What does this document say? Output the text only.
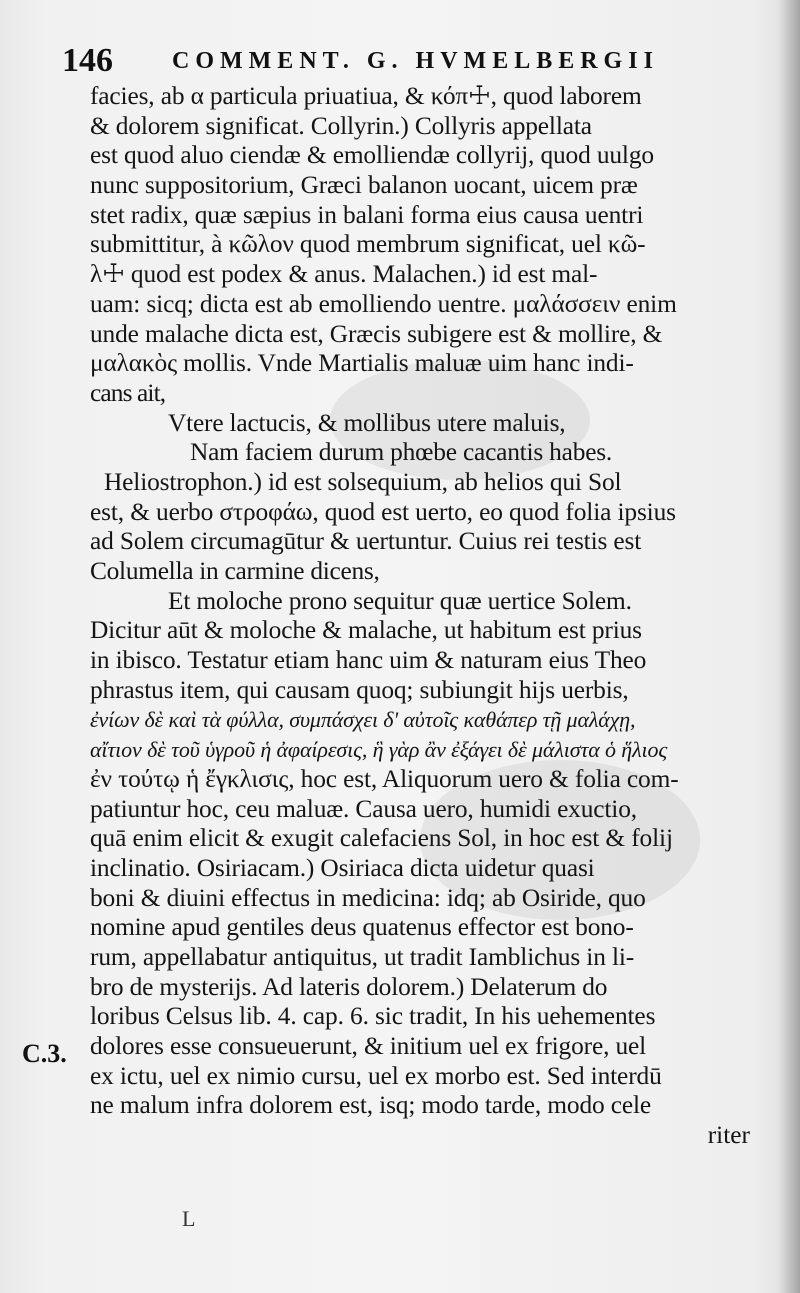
146 COMMENT. G. HVMELBERGII
facies, ab α particula priuatiua, & κόπ☩, quod laborem
& dolorem significat. Collyrin.) Collyris appellata
est quod aluo ciendæ & emolliendæ collyrij, quod uulgo
nunc suppositorium, Græci balanon uocant, uicem præ
stet radix, quæ sæpius in balani forma eius causa uentri
submittitur, à κῶλον quod membrum significat, uel κῶ-
λ☩ quod est podex & anus. Malachen.) id est mal-
uam: sicq; dicta est ab emolliendo uentre. μαλάσσειν enim
unde malache dicta est, Græcis subigere est & mollire, &
μαλακὸς mollis. Vnde Martialis maluæ uim hanc indi-
cans ait,
Vtere lactucis, & mollibus utere maluis,
Nam faciem durum phœbe cacantis habes.
Heliostrophon.) id est solsequium, ab helios qui Sol
est, & uerbo στρoφάω, quod est uerto, eo quod folia ipsius
ad Solem circumagūtur & uertuntur. Cuius rei testis est
Columella in carmine dicens,
Et moloche prono sequitur quæ uertice Solem.
Dicitur aūt & moloche & malache, ut habitum est prius
in ibisco. Testatur etiam hanc uim & naturam eius Theo
phrastus item, qui causam quoq; subiungit hijs uerbis,
ἐνίων δὲ καὶ τὰ φύλλα, συμπάσχει δ' αὐτοῖς καθάπερ τῇ μαλάχῃ,
αἴτιον δὲ τοῦ ὑγροῦ ἡ ἀφαίρεσις, ἣ γὰρ ἂν ἐξάγει δὲ μάλιστα ὁ ἥλιος
ἐν τούτῳ ἡ ἔγκλισις, hoc est, Aliquorum uero & folia com-
patiuntur hoc, ceu maluæ. Causa uero, humidi exuctio,
quā enim elicit & exugit calefaciens Sol, in hoc est & folij
inclinatio. Osiriacam.) Osiriaca dicta uidetur quasi
boni & diuini effectus in medicina: idq; ab Osiride, quo
nomine apud gentiles deus quatenus effector est bono-
rum, appellabatur antiquitus, ut tradit Iamblichus in li-
bro de mysterijs. Ad lateris dolorem.) Delaterum do
loribus Celsus lib. 4. cap. 6. sic tradit, In his uehementes
dolores esse consueuerunt, & initium uel ex frigore, uel
ex ictu, uel ex nimio cursu, uel ex morbo est. Sed interdū
ne malum infra dolorem est, isq; modo tarde, modo cele
riter
C.3.
L
